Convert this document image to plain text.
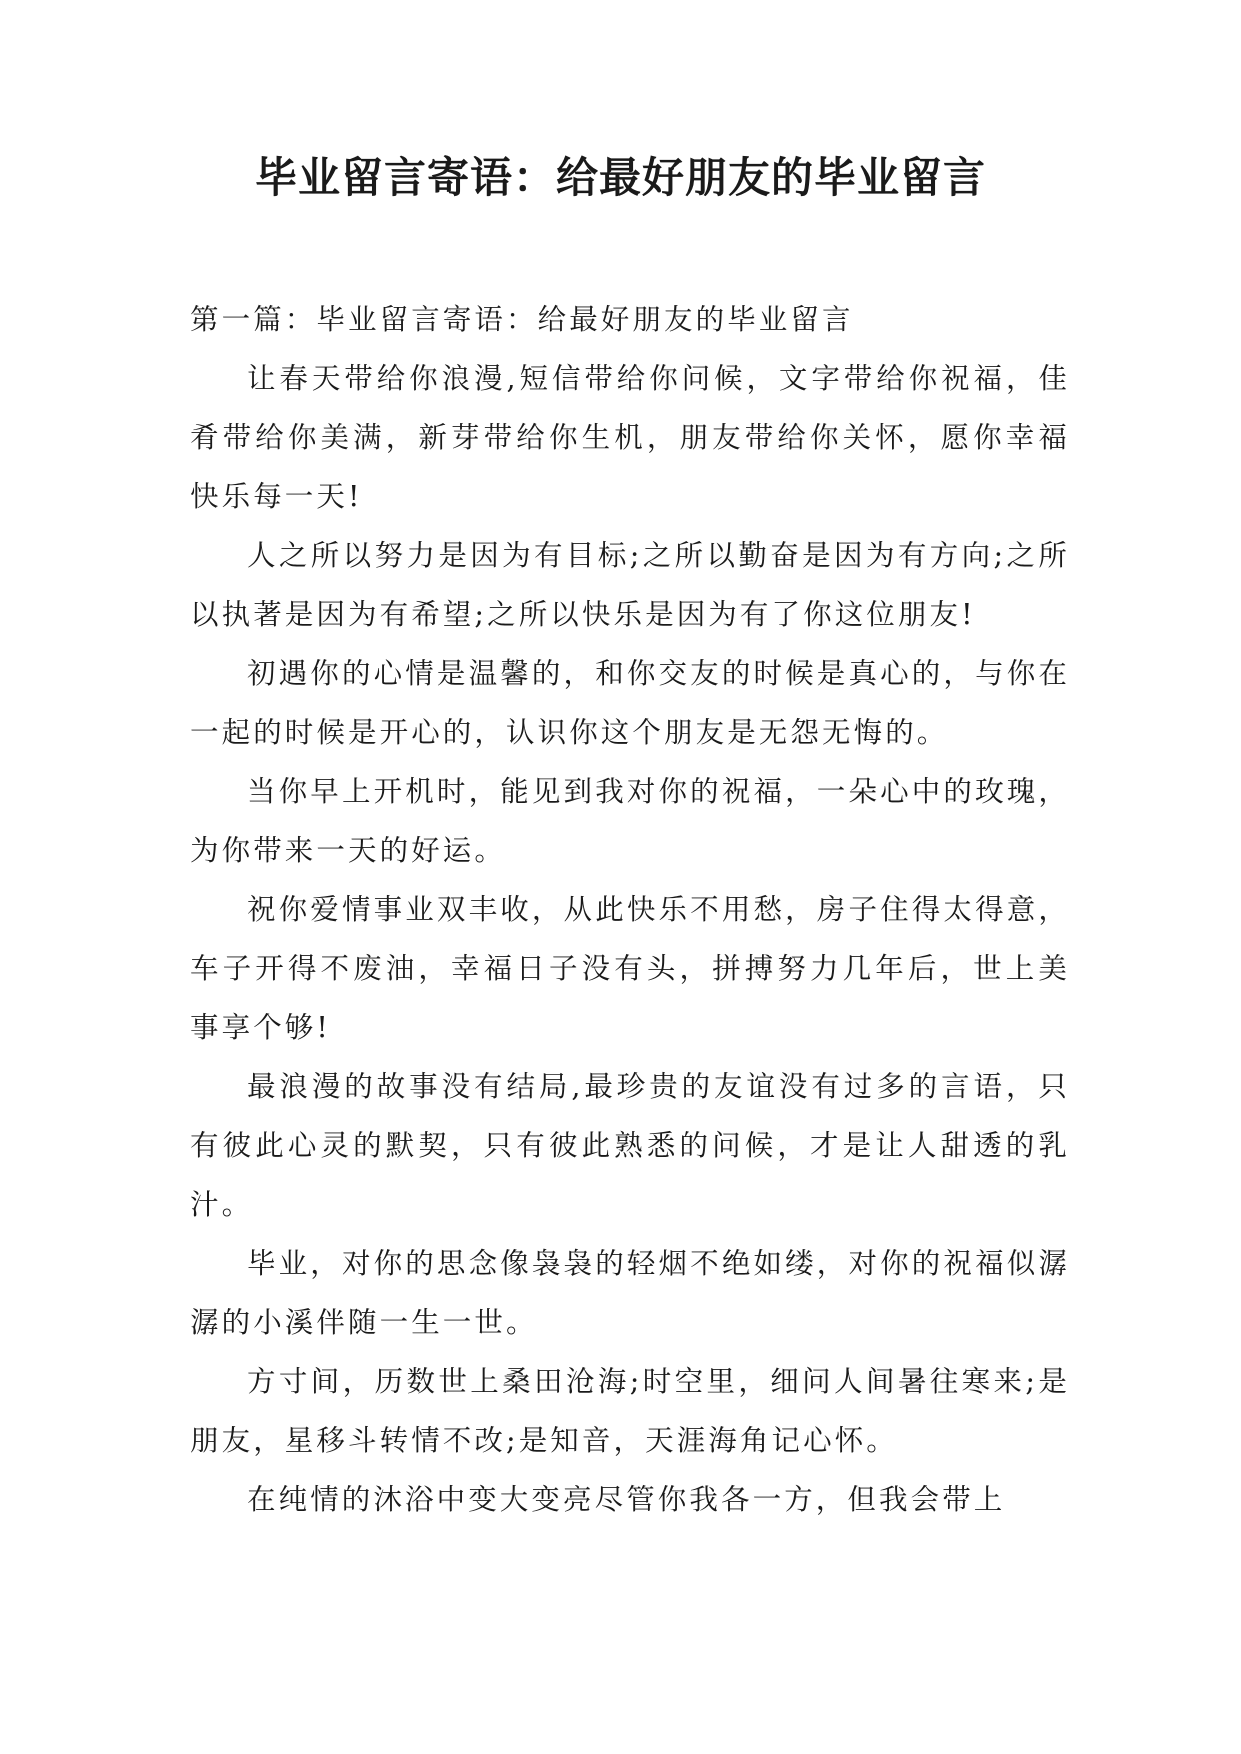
毕业留言寄语：给最好朋友的毕业留言

第一篇：毕业留言寄语：给最好朋友的毕业留言

让春天带给你浪漫,短信带给你问候，文字带给你祝福，佳肴带给你美满，新芽带给你生机，朋友带给你关怀，愿你幸福快乐每一天!

人之所以努力是因为有目标;之所以勤奋是因为有方向;之所以执著是因为有希望;之所以快乐是因为有了你这位朋友!

初遇你的心情是温馨的，和你交友的时候是真心的，与你在一起的时候是开心的，认识你这个朋友是无怨无悔的。

当你早上开机时，能见到我对你的祝福，一朵心中的玫瑰，为你带来一天的好运。

祝你爱情事业双丰收，从此快乐不用愁，房子住得太得意，车子开得不废油，幸福日子没有头，拼搏努力几年后，世上美事享个够!

最浪漫的故事没有结局,最珍贵的友谊没有过多的言语，只有彼此心灵的默契，只有彼此熟悉的问候，才是让人甜透的乳汁。

毕业，对你的思念像袅袅的轻烟不绝如缕，对你的祝福似潺潺的小溪伴随一生一世。

方寸间，历数世上桑田沧海;时空里，细问人间暑往寒来;是朋友，星移斗转情不改;是知音，天涯海角记心怀。

在纯情的沐浴中变大变亮尽管你我各一方，但我会带上
